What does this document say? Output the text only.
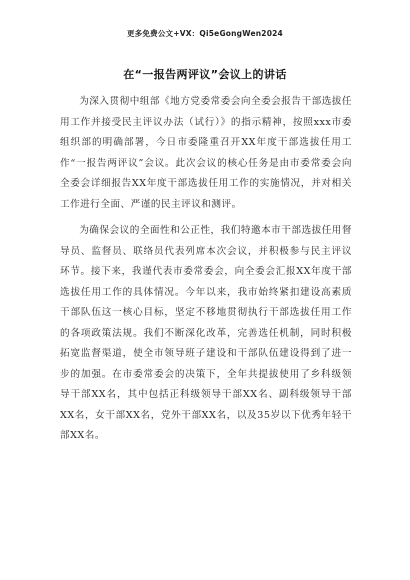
更多免费公文+VX：Qi5eGongWen2024
在“一报告两评议”会议上的讲话

为深入贯彻中组部《地方党委常委会向全委会报告干部选拔任用工作并接受民主评议办法（试行）》的指示精神，按照xxx市委组织部的明确部署，今日市委隆重召开XX年度干部选拔任用工作“一报告两评议”会议。此次会议的核心任务是由市委常委会向全委会详细报告XX年度干部选拔任用工作的实施情况，并对相关工作进行全面、严谨的民主评议和测评。

为确保会议的全面性和公正性，我们特邀本市干部选拔任用督导员、监督员、联络员代表列席本次会议，并积极参与民主评议环节。接下来，我谨代表市委常委会，向全委会汇报XX年度干部选拔任用工作的具体情况。今年以来，我市始终紧扣建设高素质干部队伍这一核心目标，坚定不移地贯彻执行干部选拔任用工作的各项政策法规。我们不断深化改革，完善选任机制，同时积极拓宽监督渠道，使全市领导班子建设和干部队伍建设得到了进一步的加强。在市委常委会的决策下，全年共提拔使用了乡科级领导干部XX名，其中包括正科级领导干部XX名、副科级领导干部XX名，女干部XX名，党外干部XX名，以及35岁以下优秀年轻干部XX名。
